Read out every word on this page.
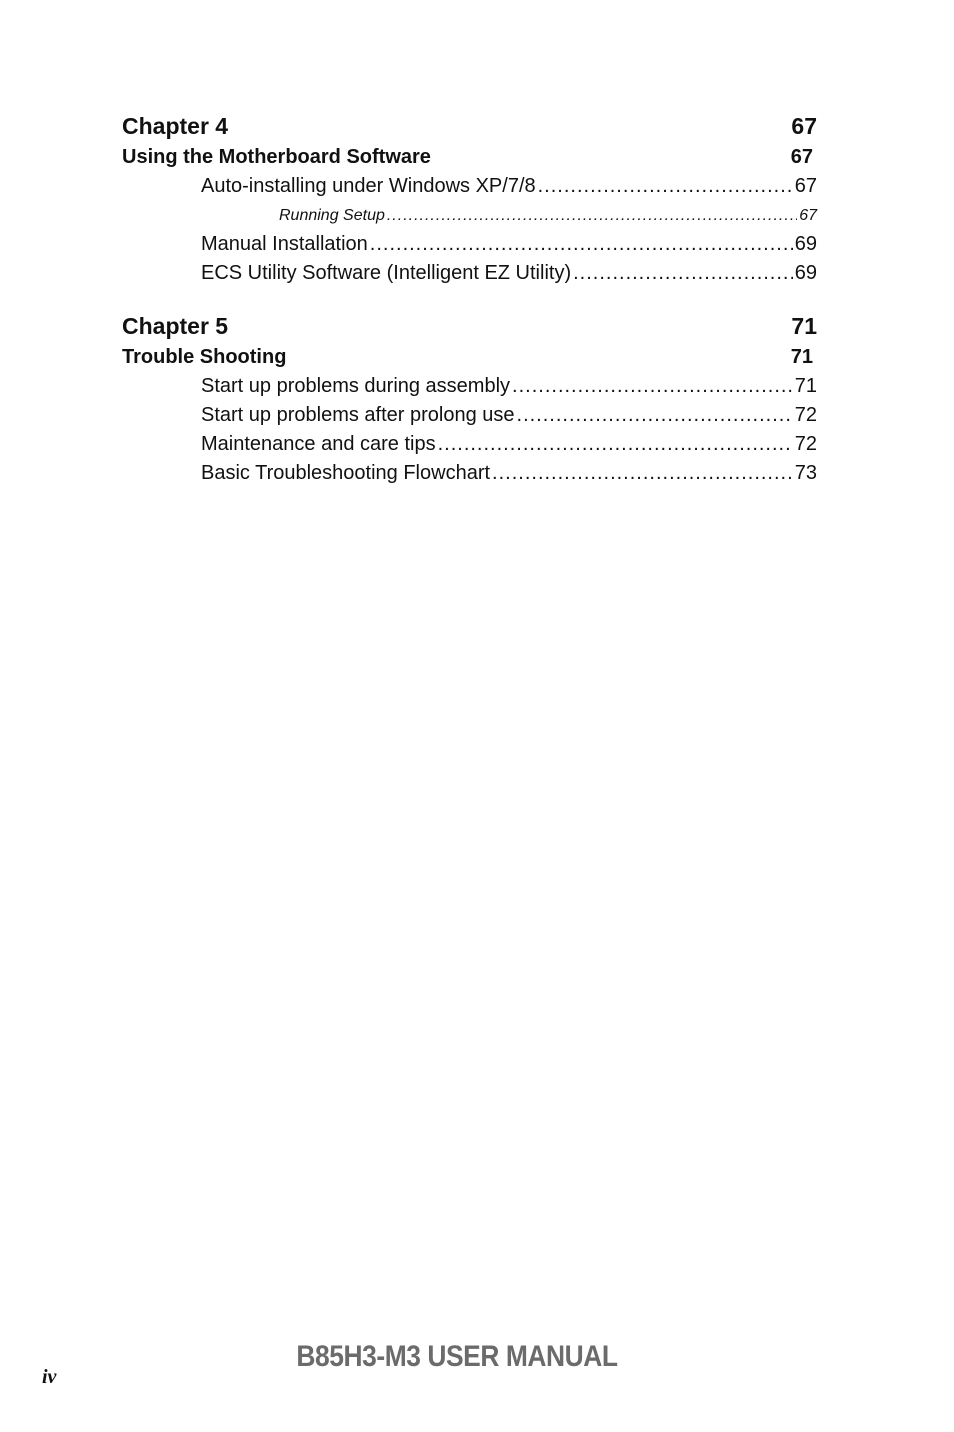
Chapter 4	67
Using the Motherboard Software	67
Auto-installing under Windows XP/7/8 .....	67
Running Setup .....	67
Manual Installation .....	69
ECS Utility Software (Intelligent EZ Utility) .....	69
Chapter 5	71
Trouble Shooting	71
Start up problems during assembly .....	71
Start up problems after prolong use .....	72
Maintenance and care tips .....	72
Basic Troubleshooting Flowchart .....	73
B85H3-M3 USER MANUAL
iv
